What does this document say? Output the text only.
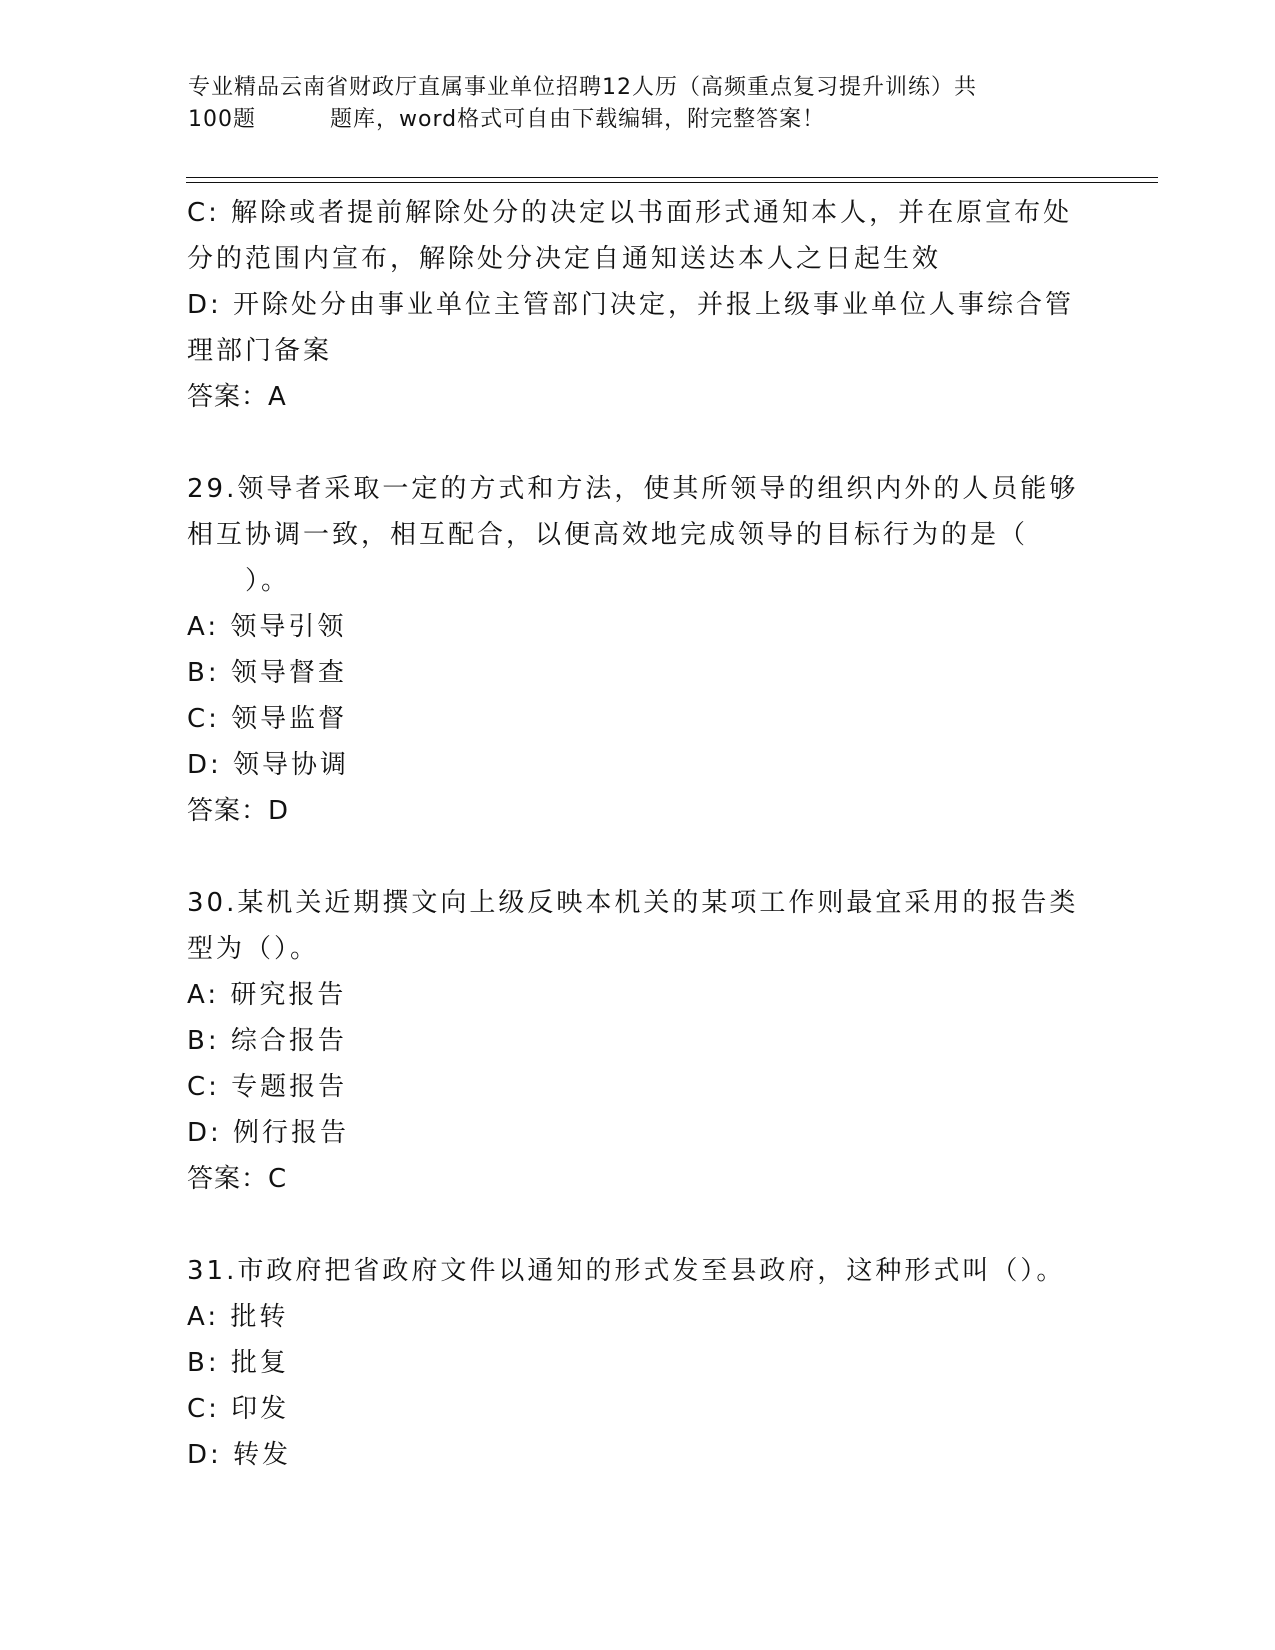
专业精品云南省财政厅直属事业单位招聘12人历（高频重点复习提升训练）共
100题	题库，word格式可自由下载编辑，附完整答案！
C: 解除或者提前解除处分的决定以书面形式通知本人，并在原宣布处
分的范围内宣布，解除处分决定自通知送达本人之日起生效
D: 开除处分由事业单位主管部门决定，并报上级事业单位人事综合管
理部门备案
答案：A
29.领导者采取一定的方式和方法，使其所领导的组织内外的人员能够
相互协调一致，相互配合，以便高效地完成领导的目标行为的是（
）。
A: 领导引领
B: 领导督查
C: 领导监督
D: 领导协调
答案：D
30.某机关近期撰文向上级反映本机关的某项工作则最宜采用的报告类
型为（）。
A: 研究报告
B: 综合报告
C: 专题报告
D: 例行报告
答案：C
31.市政府把省政府文件以通知的形式发至县政府，这种形式叫（）。
A: 批转
B: 批复
C: 印发
D: 转发
